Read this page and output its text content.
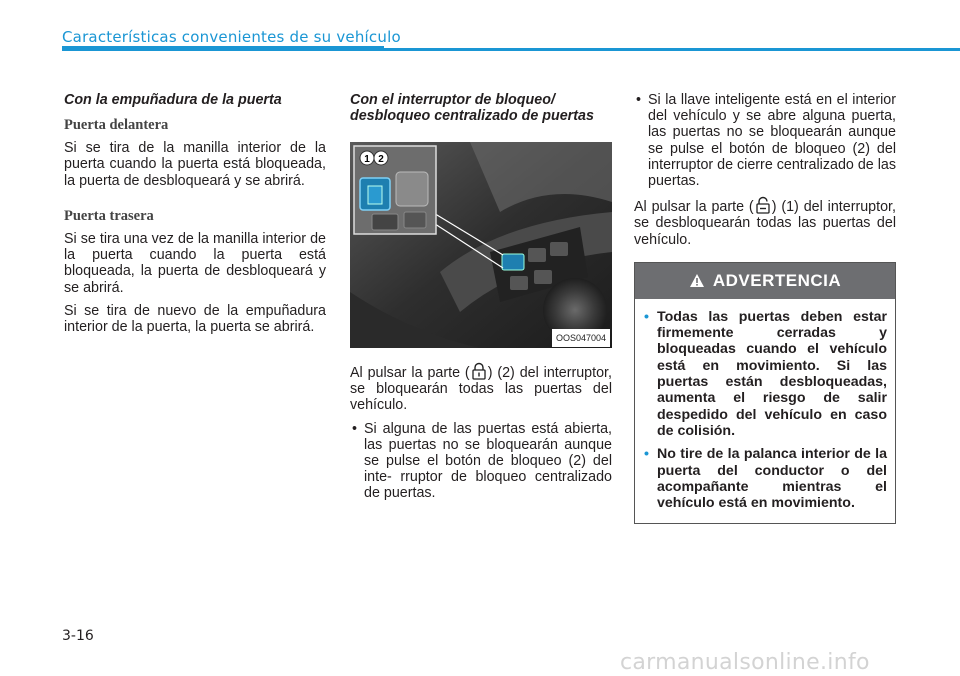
Características convenientes de su vehículo
Con la empuñadura de la puerta
Puerta delantera

Si se tira de la manilla interior de la puerta cuando la puerta está bloqueada, la puerta de desbloqueará y se abrirá.

Puerta trasera

Si se tira una vez de la manilla interior de la puerta cuando la puerta está bloqueada, la puerta de desbloqueará y se abrirá.

Si se tira de nuevo de la empuñadura interior de la puerta, la puerta se abrirá.

Con el interruptor de bloqueo/ desbloqueo centralizado de puertas
1 2
OOS047004

Al pulsar la parte ( ) (2) del interruptor, se bloquearán todas las puertas del vehículo.

• Si alguna de las puertas está abierta, las puertas no se bloquearán aunque se pulse el botón de bloqueo (2) del inte- rruptor de bloqueo centralizado de puertas.

• Si la llave inteligente está en el interior del vehículo y se abre alguna puerta, las puertas no se bloquearán aunque se pulse el botón de bloqueo (2) del interruptor de cierre centralizado de las puertas.

Al pulsar la parte ( ) (1) del interruptor, se desbloquearán todas las puertas del vehículo.

ADVERTENCIA
• Todas las puertas deben estar firmemente cerradas y bloqueadas cuando el vehículo está en movimiento. Si las puertas están desbloqueadas, aumenta el riesgo de salir despedido del vehículo en caso de colisión.
• No tire de la palanca interior de la puerta del conductor o del acompañante mientras el vehículo está en movimiento.
3-16
carmanualsonline.info
